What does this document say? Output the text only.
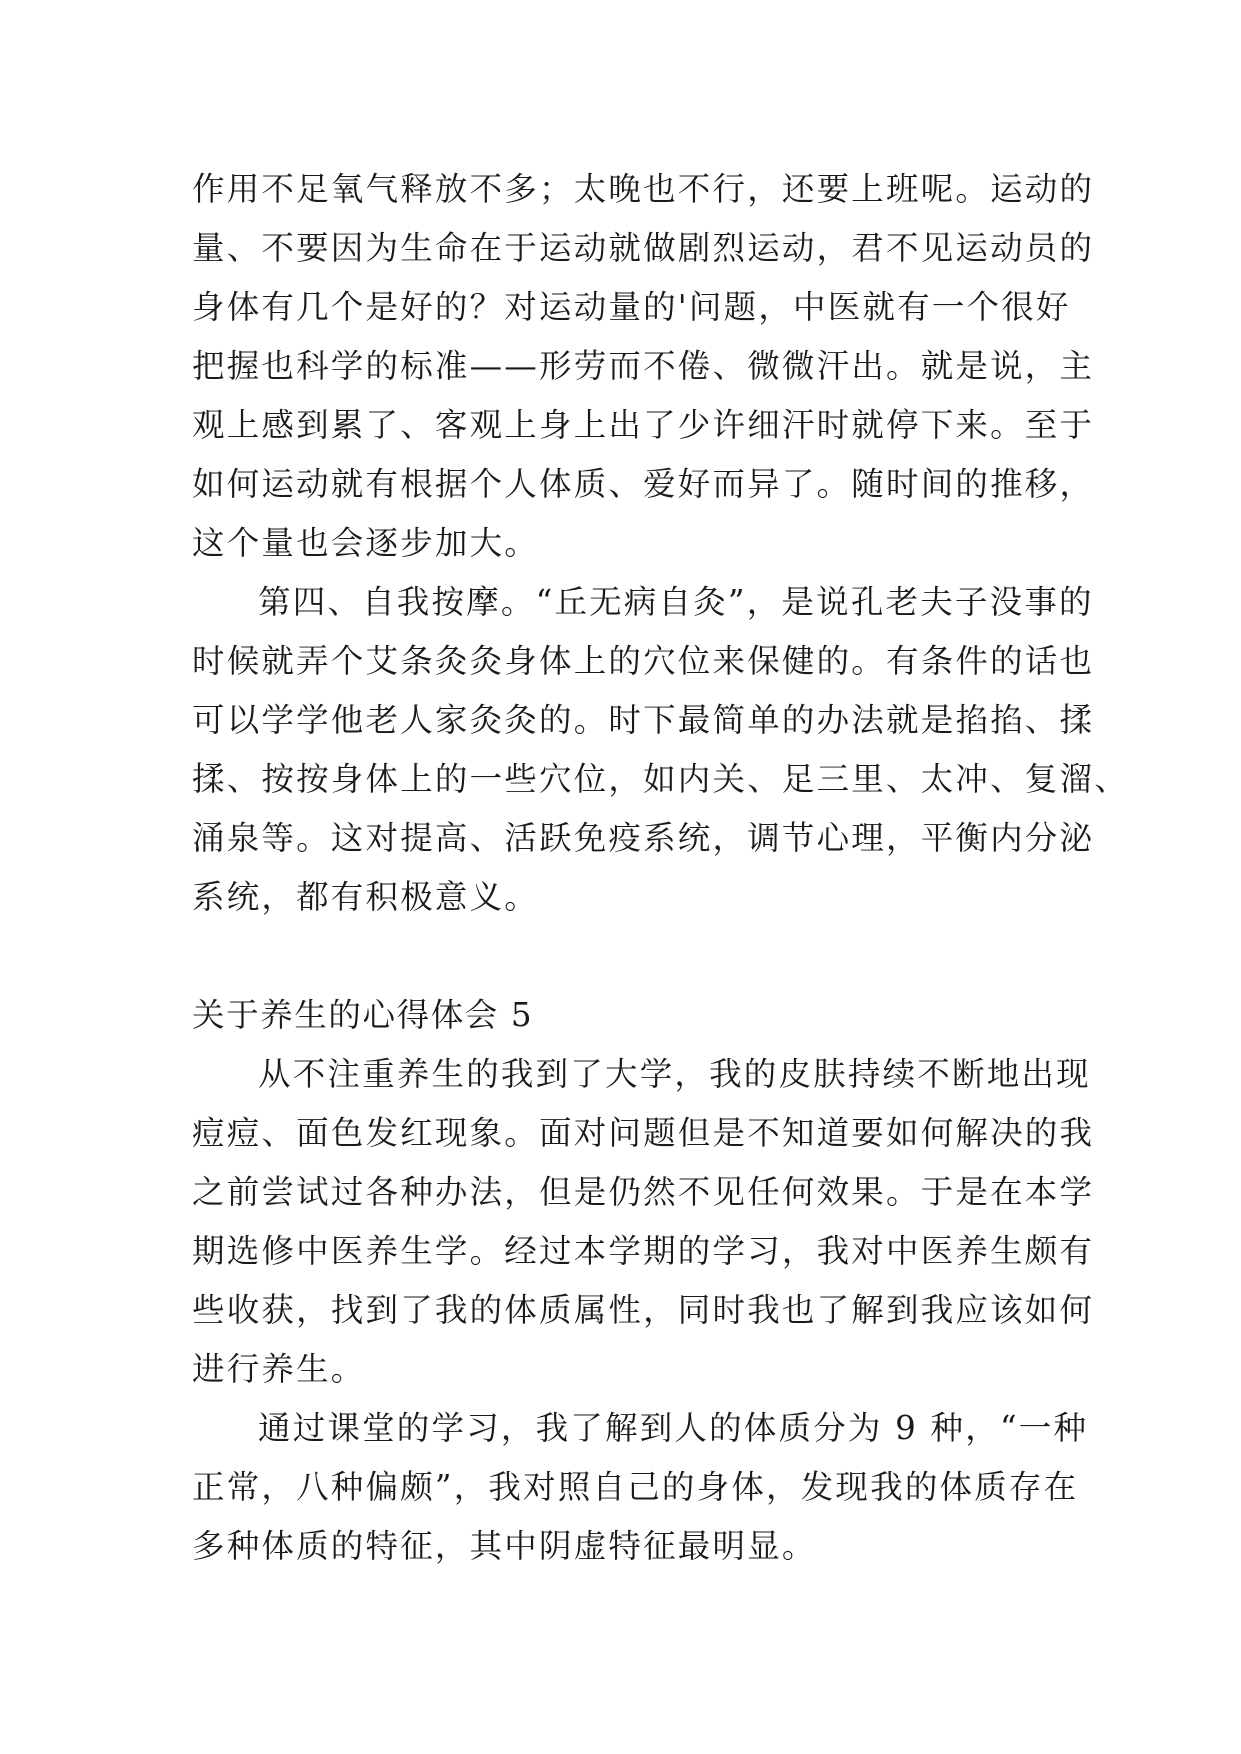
作用不足氧气释放不多；太晚也不行，还要上班呢。运动的
量、不要因为生命在于运动就做剧烈运动，君不见运动员的
身体有几个是好的？对运动量的'问题，中医就有一个很好
把握也科学的标准——形劳而不倦、微微汗出。就是说，主
观上感到累了、客观上身上出了少许细汗时就停下来。至于
如何运动就有根据个人体质、爱好而异了。随时间的推移，
这个量也会逐步加大。
第四、自我按摩。“丘无病自灸”，是说孔老夫子没事的
时候就弄个艾条灸灸身体上的穴位来保健的。有条件的话也
可以学学他老人家灸灸的。时下最简单的办法就是掐掐、揉
揉、按按身体上的一些穴位，如内关、足三里、太冲、复溜、
涌泉等。这对提高、活跃免疫系统，调节心理，平衡内分泌
系统，都有积极意义。
关于养生的心得体会 5
从不注重养生的我到了大学，我的皮肤持续不断地出现
痘痘、面色发红现象。面对问题但是不知道要如何解决的我
之前尝试过各种办法，但是仍然不见任何效果。于是在本学
期选修中医养生学。经过本学期的学习，我对中医养生颇有
些收获，找到了我的体质属性，同时我也了解到我应该如何
进行养生。
通过课堂的学习，我了解到人的体质分为 9 种，“一种
正常，八种偏颇”，我对照自己的身体，发现我的体质存在
多种体质的特征，其中阴虚特征最明显。
